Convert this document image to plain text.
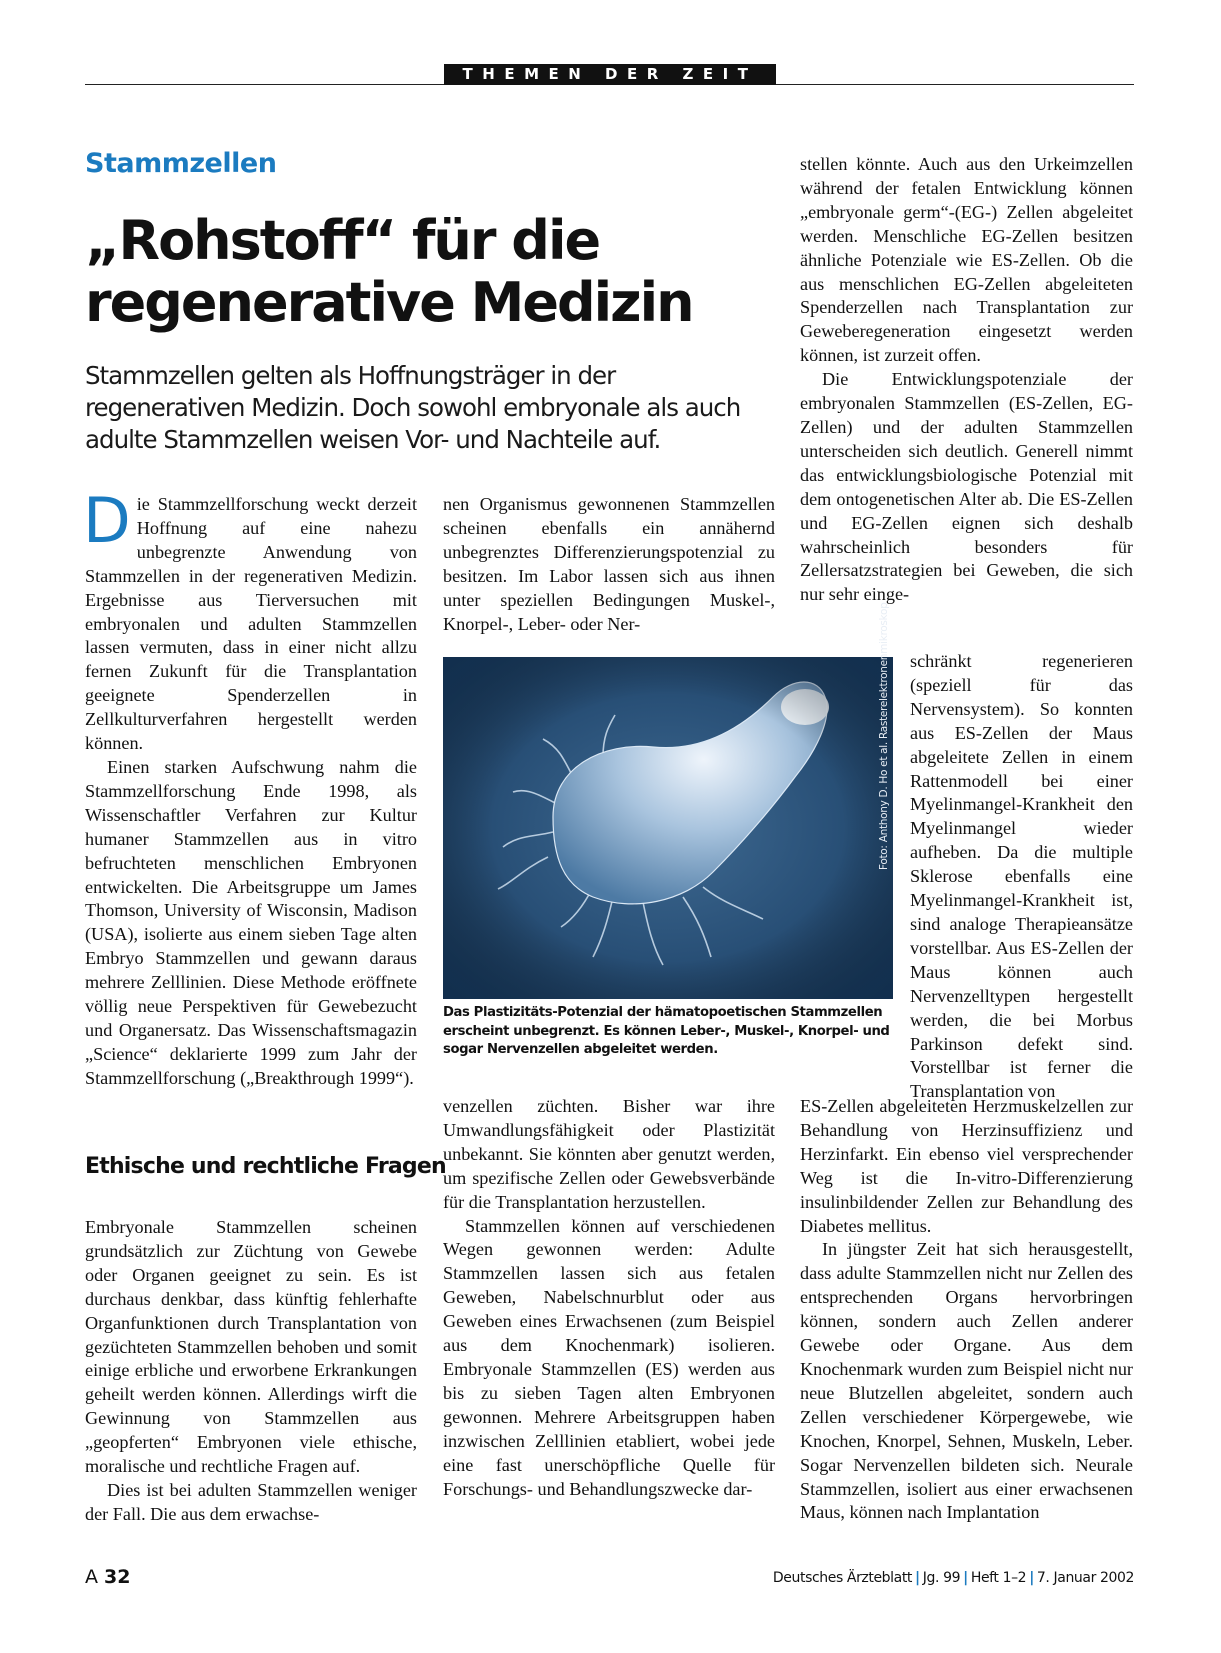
THEMEN DER ZEIT
Stammzellen
„Rohstoff“ für die regenerative Medizin
Stammzellen gelten als Hoffnungsträger in der regenerativen Medizin. Doch sowohl embryonale als auch adulte Stammzellen weisen Vor- und Nachteile auf.

Die Stammzellforschung weckt derzeit Hoffnung auf eine nahezu unbegrenzte Anwendung von Stammzellen in der regenerativen Medizin. Ergebnisse aus Tierversuchen mit embryonalen und adulten Stammzellen lassen vermuten, dass in einer nicht allzu fernen Zukunft für die Transplantation geeignete Spenderzellen in Zellkulturverfahren hergestellt werden können.

Einen starken Aufschwung nahm die Stammzellforschung Ende 1998, als Wissenschaftler Verfahren zur Kultur humaner Stammzellen aus in vitro befruchteten menschlichen Embryonen entwickelten. Die Arbeitsgruppe um James Thomson, University of Wisconsin, Madison (USA), isolierte aus einem sieben Tage alten Embryo Stammzellen und gewann daraus mehrere Zelllinien. Diese Methode eröffnete völlig neue Perspektiven für Gewebezucht und Organersatz. Das Wissenschaftsmagazin „Science“ deklarierte 1999 zum Jahr der Stammzellforschung („Breakthrough 1999“).

Ethische und rechtliche Fragen

Embryonale Stammzellen scheinen grundsätzlich zur Züchtung von Gewebe oder Organen geeignet zu sein. Es ist durchaus denkbar, dass künftig fehlerhafte Organfunktionen durch Transplantation von gezüchteten Stammzellen behoben und somit einige erbliche und erworbene Erkrankungen geheilt werden können. Allerdings wirft die Gewinnung von Stammzellen aus „geopferten“ Embryonen viele ethische, moralische und rechtliche Fragen auf.

Dies ist bei adulten Stammzellen weniger der Fall. Die aus dem erwachse-

nen Organismus gewonnenen Stammzellen scheinen ebenfalls ein annähernd unbegrenztes Differenzierungspotenzial zu besitzen. Im Labor lassen sich aus ihnen unter speziellen Bedingungen Muskel-, Knorpel-, Leber- oder Ner-	Foto: Anthony D. Ho et al. Rasterelektronenmikroskop
Das Plastizitäts-Potenzial der hämatopoetischen Stammzellen erscheint unbegrenzt. Es können Leber-, Muskel-, Knorpel- und sogar Nervenzellen abgeleitet werden.

venzellen züchten. Bisher war ihre Umwandlungsfähigkeit oder Plastizität unbekannt. Sie könnten aber genutzt werden, um spezifische Zellen oder Gewebsverbände für die Transplantation herzustellen.

Stammzellen können auf verschiedenen Wegen gewonnen werden: Adulte Stammzellen lassen sich aus fetalen Geweben, Nabelschnurblut oder aus Geweben eines Erwachsenen (zum Beispiel aus dem Knochenmark) isolieren. Embryonale Stammzellen (ES) werden aus bis zu sieben Tagen alten Embryonen gewonnen. Mehrere Arbeitsgruppen haben inzwischen Zelllinien etabliert, wobei jede eine fast unerschöpfliche Quelle für Forschungs- und Behandlungszwecke dar-

stellen könnte. Auch aus den Urkeimzellen während der fetalen Entwicklung können „embryonale germ“-(EG-) Zellen abgeleitet werden. Menschliche EG-Zellen besitzen ähnliche Potenziale wie ES-Zellen. Ob die aus menschlichen EG-Zellen abgeleiteten Spenderzellen nach Transplantation zur Geweberegeneration eingesetzt werden können, ist zurzeit offen.

Die Entwicklungspotenziale der embryonalen Stammzellen (ES-Zellen, EG-Zellen) und der adulten Stammzellen unterscheiden sich deutlich. Generell nimmt das entwicklungsbiologische Potenzial mit dem ontogenetischen Alter ab. Die ES-Zellen und EG-Zellen eignen sich deshalb wahrscheinlich besonders für Zellersatzstrategien bei Geweben, die sich nur sehr einge-

schränkt regenerieren (speziell für das Nervensystem). So konnten aus ES-Zellen der Maus abgeleitete Zellen in einem Rattenmodell bei einer Myelinmangel-Krankheit den Myelinmangel wieder aufheben. Da die multiple Sklerose ebenfalls eine Myelinmangel-Krankheit ist, sind analoge Therapieansätze vorstellbar. Aus ES-Zellen der Maus können auch Nervenzelltypen hergestellt werden, die bei Morbus Parkinson defekt sind. Vorstellbar ist ferner die Transplantation von

ES-Zellen abgeleiteten Herzmuskelzellen zur Behandlung von Herzinsuffizienz und Herzinfarkt. Ein ebenso viel versprechender Weg ist die In-vitro-Differenzierung insulinbildender Zellen zur Behandlung des Diabetes mellitus.

In jüngster Zeit hat sich herausgestellt, dass adulte Stammzellen nicht nur Zellen des entsprechenden Organs hervorbringen können, sondern auch Zellen anderer Gewebe oder Organe. Aus dem Knochenmark wurden zum Beispiel nicht nur neue Blutzellen abgeleitet, sondern auch Zellen verschiedener Körpergewebe, wie Knochen, Knorpel, Sehnen, Muskeln, Leber. Sogar Nervenzellen bildeten sich. Neurale Stammzellen, isoliert aus einer erwachsenen Maus, können nach Implantation

A 32	Deutsches Ärzteblatt | Jg. 99 | Heft 1–2 | 7. Januar 2002
